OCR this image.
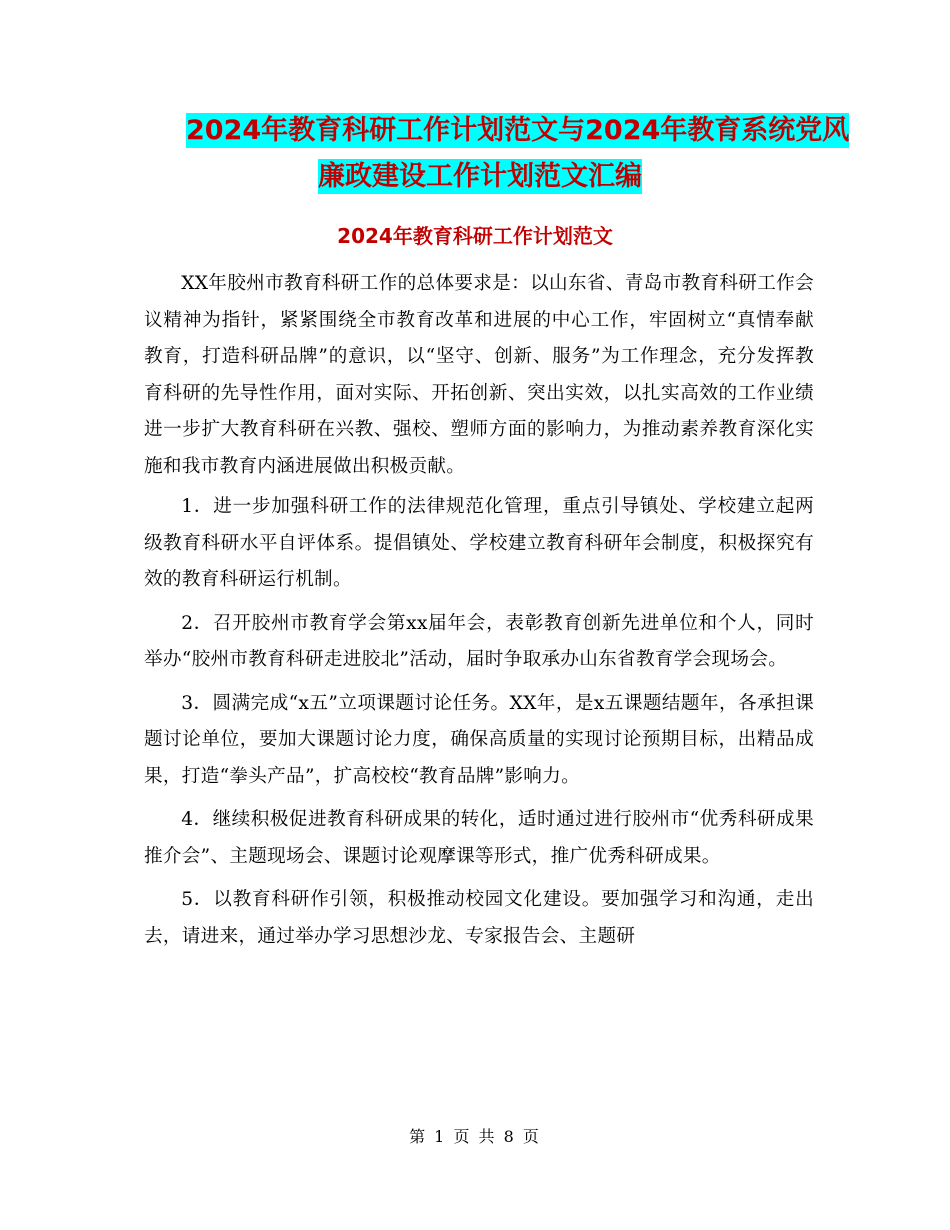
2024年教育科研工作计划范文与2024年教育系统党风
廉政建设工作计划范文汇编
2024年教育科研工作计划范文

XX年胶州市教育科研工作的总体要求是：以山东省、青岛市教育科研工作会议精神为指针，紧紧围绕全市教育改革和进展的中心工作，牢固树立“真情奉献教育，打造科研品牌”的意识，以“坚守、创新、服务”为工作理念，充分发挥教育科研的先导性作用，面对实际、开拓创新、突出实效，以扎实高效的工作业绩进一步扩大教育科研在兴教、强校、塑师方面的影响力，为推动素养教育深化实施和我市教育内涵进展做出积极贡献。

1．进一步加强科研工作的法律规范化管理，重点引导镇处、学校建立起两级教育科研水平自评体系。提倡镇处、学校建立教育科研年会制度，积极探究有效的教育科研运行机制。

2．召开胶州市教育学会第xx届年会，表彰教育创新先进单位和个人，同时举办“胶州市教育科研走进胶北”活动，届时争取承办山东省教育学会现场会。

3．圆满完成“x五”立项课题讨论任务。XX年，是x五课题结题年，各承担课题讨论单位，要加大课题讨论力度，确保高质量的实现讨论预期目标，出精品成果，打造“拳头产品”，扩高校校“教育品牌”影响力。

4．继续积极促进教育科研成果的转化，适时通过进行胶州市“优秀科研成果推介会”、主题现场会、课题讨论观摩课等形式，推广优秀科研成果。

5．以教育科研作引领，积极推动校园文化建设。要加强学习和沟通，走出去，请进来，通过举办学习思想沙龙、专家报告会、主题研

第 1 页 共 8 页
